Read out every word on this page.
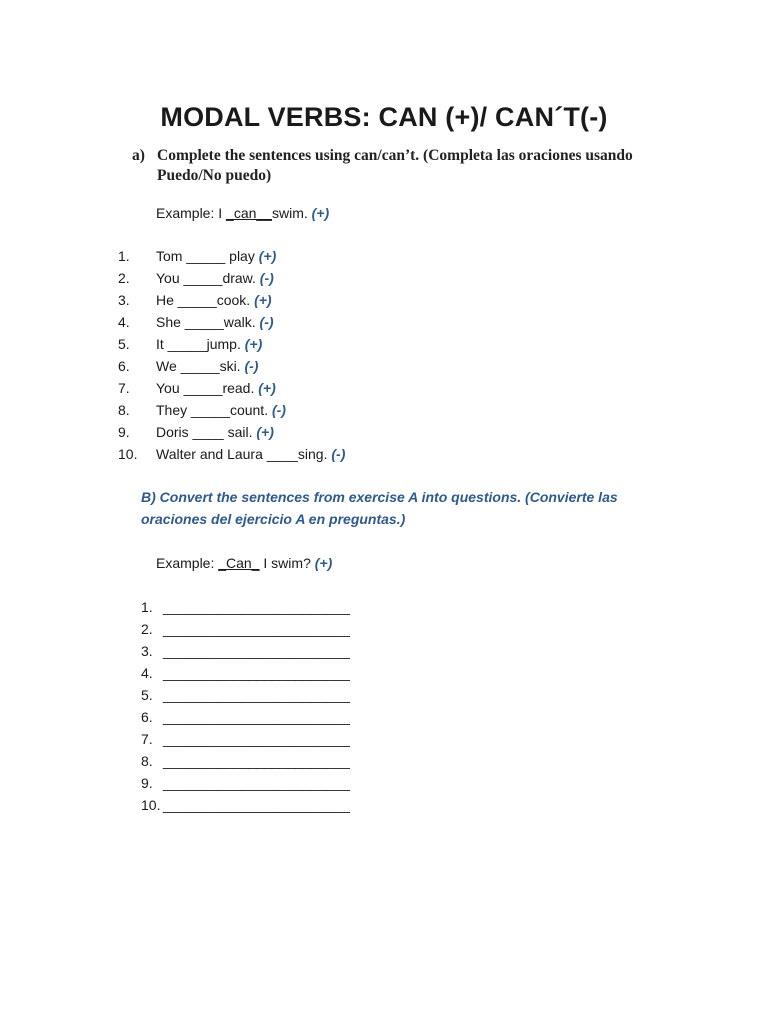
MODAL VERBS: CAN (+)/ CAN´T(-)
a) Complete the sentences using can/can’t. (Completa las oraciones usando Puedo/No puedo)
Example: I _can__swim. (+)
1. Tom _____ play (+)
2. You _____draw. (-)
3. He _____cook. (+)
4. She _____walk. (-)
5. It _____jump. (+)
6. We _____ski. (-)
7. You _____read. (+)
8. They _____count. (-)
9. Doris ____ sail. (+)
10. Walter and Laura ____sing. (-)

B) Convert the sentences from exercise A into questions. (Convierte las oraciones del ejercicio A en preguntas.)

Example: _Can_ I swim? (+)
1. ________________________
2. ________________________
3. ________________________
4. ________________________
5. ________________________
6. ________________________
7. ________________________
8. ________________________
9. ________________________
10. ________________________
